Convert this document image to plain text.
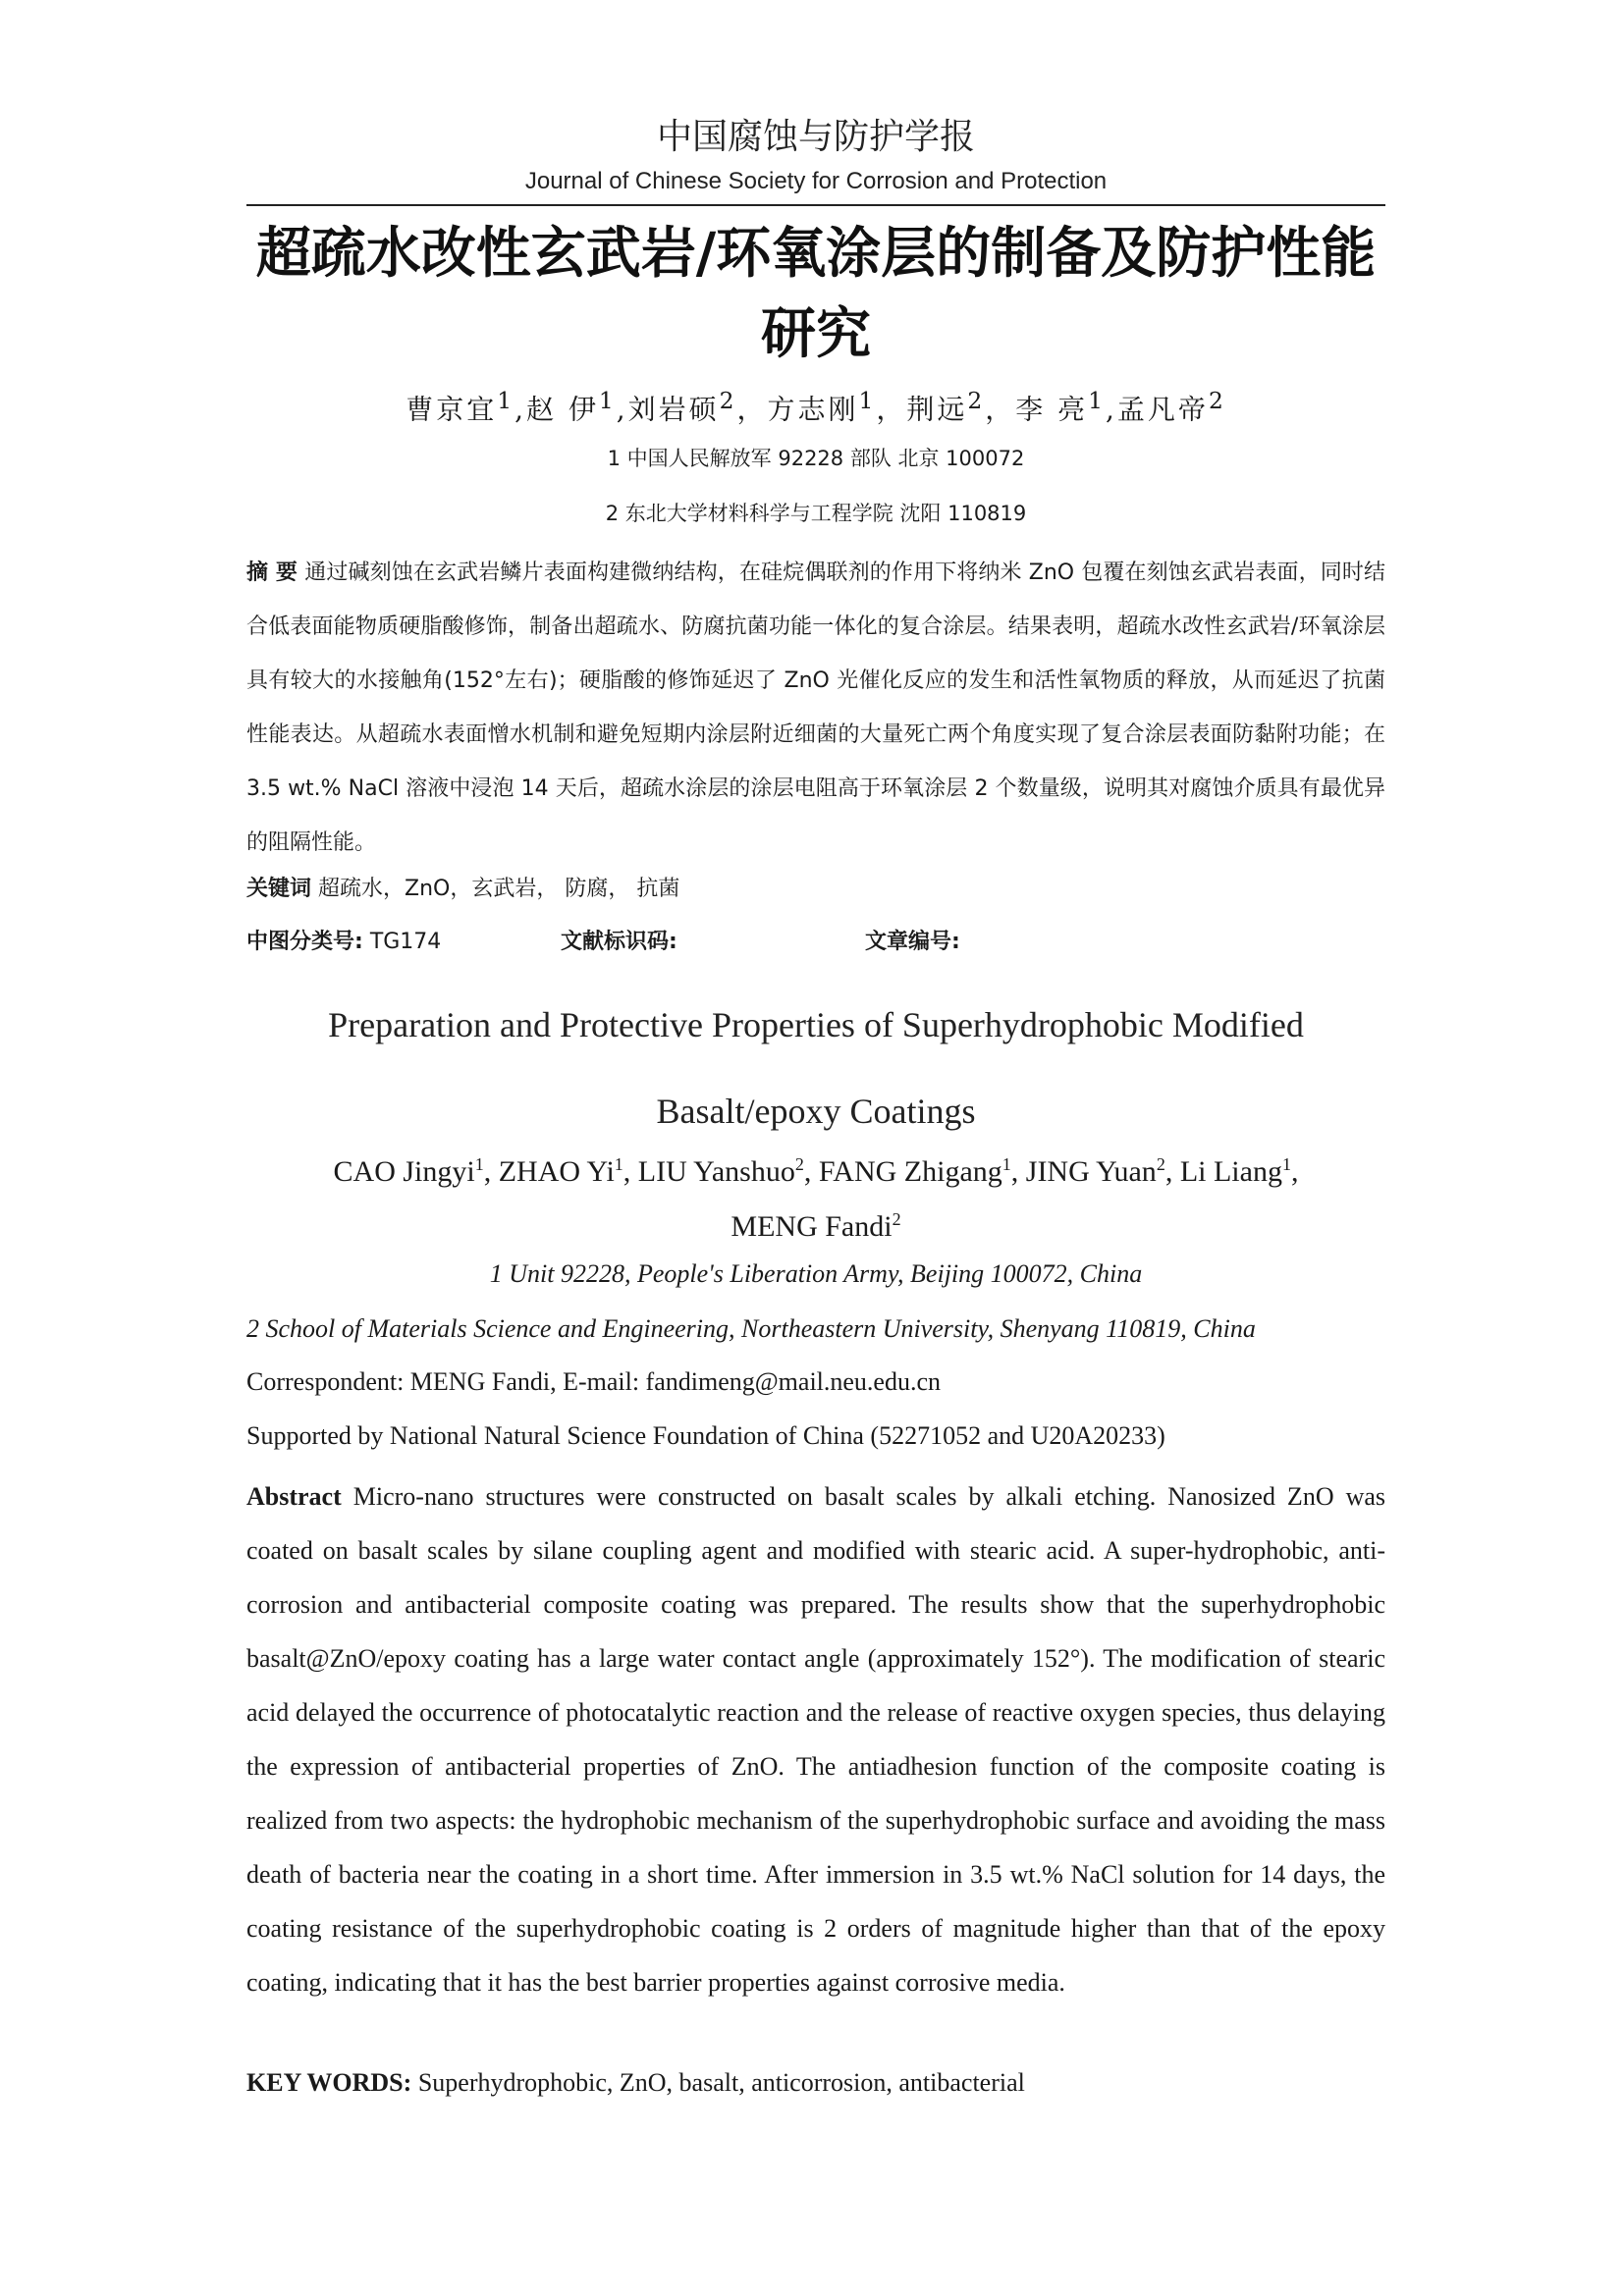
中国腐蚀与防护学报
Journal of Chinese Society for Corrosion and Protection
超疏水改性玄武岩/环氧涂层的制备及防护性能研究
曹京宜$^1$,赵 伊$^1$,刘岩硕$^2$，方志刚$^1$，荆远$^2$，李 亮$^1$,孟凡帝$^2$
1 中国人民解放军 92228 部队 北京 100072
2 东北大学材料科学与工程学院 沈阳 110819
摘 要 通过碱刻蚀在玄武岩鳞片表面构建微纳结构，在硅烷偶联剂的作用下将纳米 ZnO 包覆在刻蚀玄武岩表面，同时结合低表面能物质硬脂酸修饰，制备出超疏水、防腐抗菌功能一体化的复合涂层。结果表明，超疏水改性玄武岩/环氧涂层具有较大的水接触角(152°左右)；硬脂酸的修饰延迟了 ZnO 光催化反应的发生和活性氧物质的释放，从而延迟了抗菌性能表达。从超疏水表面憎水机制和避免短期内涂层附近细菌的大量死亡两个角度实现了复合涂层表面防黏附功能；在 3.5 wt.% NaCl 溶液中浸泡 14 天后，超疏水涂层的涂层电阻高于环氧涂层 2 个数量级，说明其对腐蚀介质具有最优异的阻隔性能。
关键词 超疏水，ZnO，玄武岩， 防腐， 抗菌
中图分类号: TG174	文献标识码:	文章编号:
Preparation and Protective Properties of Superhydrophobic Modified Basalt/epoxy Coatings
CAO Jingyi$^1$, ZHAO Yi$^1$, LIU Yanshuo$^2$, FANG Zhigang$^1$, JING Yuan$^2$, Li Liang$^1$,
MENG Fandi$^2$
1 Unit 92228, People's Liberation Army, Beijing 100072, China
2 School of Materials Science and Engineering, Northeastern University, Shenyang 110819, China
Correspondent: MENG Fandi, E-mail: fandimeng@mail.neu.edu.cn
Supported by National Natural Science Foundation of China (52271052 and U20A20233)
Abstract Micro-nano structures were constructed on basalt scales by alkali etching. Nanosized ZnO was coated on basalt scales by silane coupling agent and modified with stearic acid. A super-hydrophobic, anti-corrosion and antibacterial composite coating was prepared. The results show that the superhydrophobic basalt@ZnO/epoxy coating has a large water contact angle (approximately 152°). The modification of stearic acid delayed the occurrence of photocatalytic reaction and the release of reactive oxygen species, thus delaying the expression of antibacterial properties of ZnO. The antiadhesion function of the composite coating is realized from two aspects: the hydrophobic mechanism of the superhydrophobic surface and avoiding the mass death of bacteria near the coating in a short time. After immersion in 3.5 wt.% NaCl solution for 14 days, the coating resistance of the superhydrophobic coating is 2 orders of magnitude higher than that of the epoxy coating, indicating that it has the best barrier properties against corrosive media.
KEY WORDS: Superhydrophobic, ZnO, basalt, anticorrosion, antibacterial
